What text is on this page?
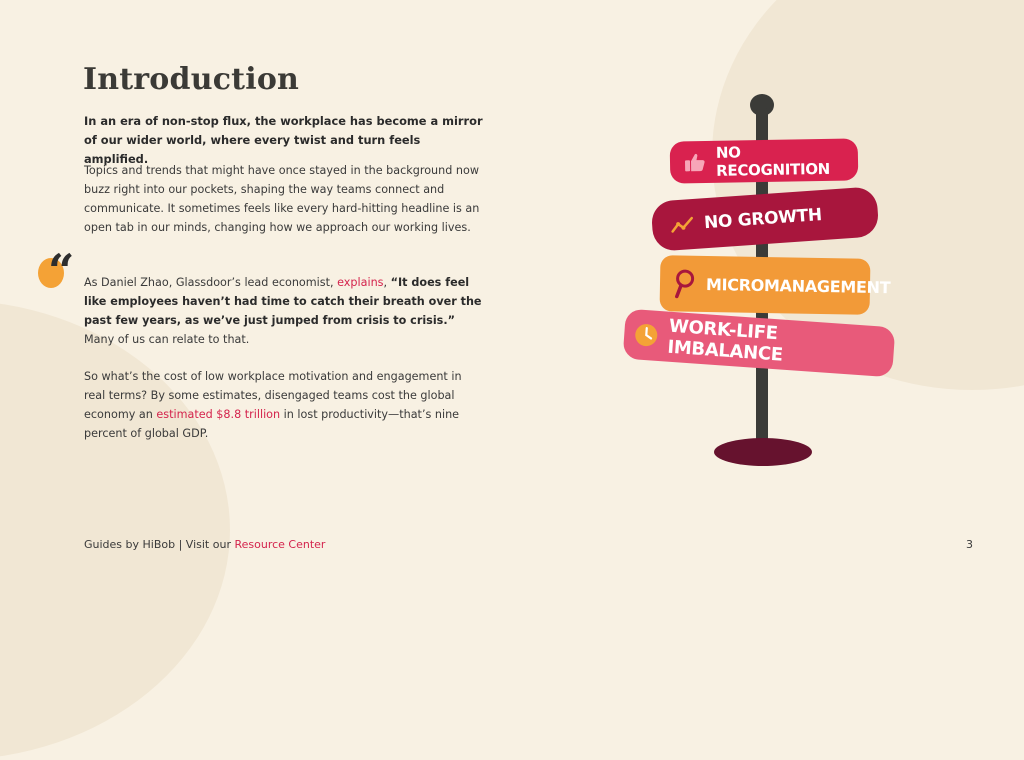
Introduction

In an era of non-stop flux, the workplace has become a mirror of our wider world, where every twist and turn feels amplified.

Topics and trends that might have once stayed in the background now buzz right into our pockets, shaping the way teams connect and communicate. It sometimes feels like every hard-hitting headline is an open tab in our minds, changing how we approach our working lives.

“ As Daniel Zhao, Glassdoor’s lead economist, explains, “It does feel like employees haven’t had time to catch their breath over the past few years, as we’ve just jumped from crisis to crisis.” Many of us can relate to that.

So what’s the cost of low workplace motivation and engagement in real terms? By some estimates, disengaged teams cost the global economy an estimated $8.8 trillion in lost productivity—that’s nine percent of global GDP.

NO RECOGNITION
NO GROWTH
MICROMANAGEMENT
WORK-LIFE IMBALANCE

Guides by HiBob | Visit our Resource Center	3
